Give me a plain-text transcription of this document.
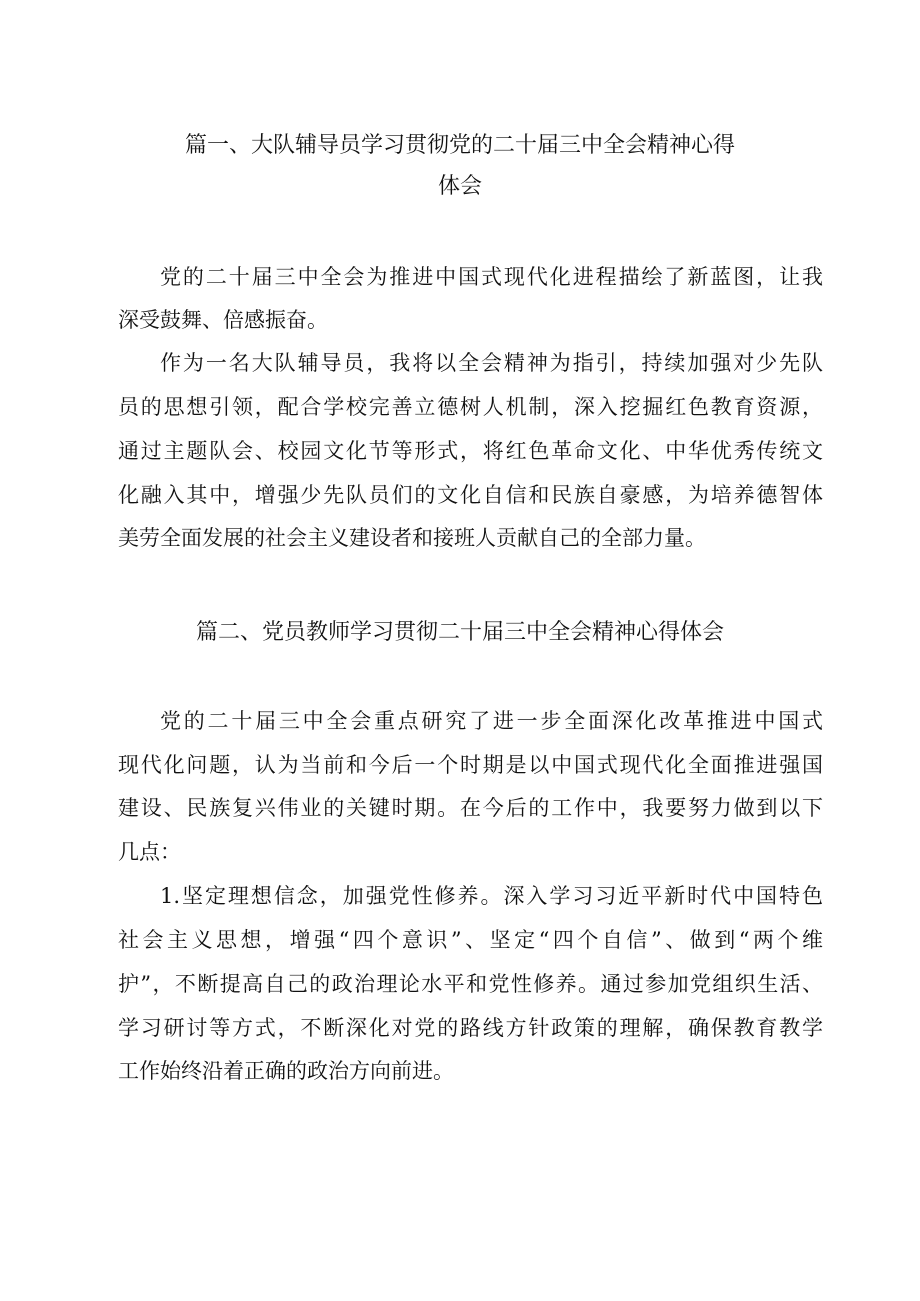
篇一、大队辅导员学习贯彻党的二十届三中全会精神心得
体会
党的二十届三中全会为推进中国式现代化进程描绘了新蓝图，让我
深受鼓舞、倍感振奋。
作为一名大队辅导员，我将以全会精神为指引，持续加强对少先队
员的思想引领，配合学校完善立德树人机制，深入挖掘红色教育资源，
通过主题队会、校园文化节等形式，将红色革命文化、中华优秀传统文
化融入其中，增强少先队员们的文化自信和民族自豪感，为培养德智体
美劳全面发展的社会主义建设者和接班人贡献自己的全部力量。
篇二、党员教师学习贯彻二十届三中全会精神心得体会
党的二十届三中全会重点研究了进一步全面深化改革推进中国式
现代化问题，认为当前和今后一个时期是以中国式现代化全面推进强国
建设、民族复兴伟业的关键时期。在今后的工作中，我要努力做到以下
几点：
1.坚定理想信念，加强党性修养。深入学习习近平新时代中国特色
社会主义思想，增强“四个意识”、坚定“四个自信”、做到“两个维
护”，不断提高自己的政治理论水平和党性修养。通过参加党组织生活、
学习研讨等方式，不断深化对党的路线方针政策的理解，确保教育教学
工作始终沿着正确的政治方向前进。
